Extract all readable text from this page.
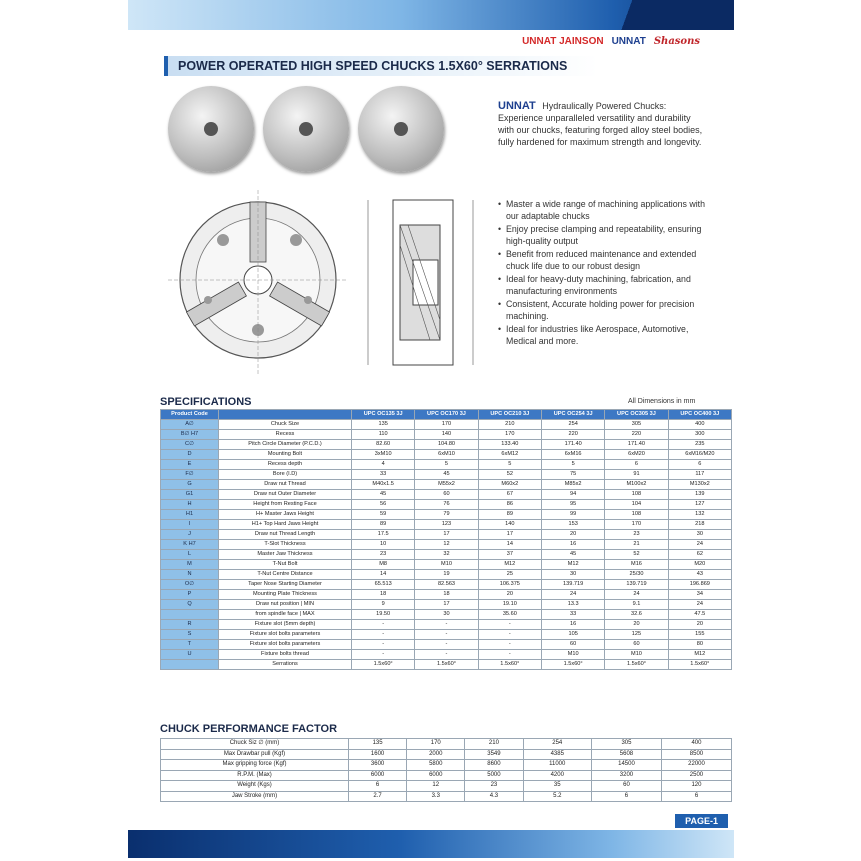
UNNAT JAINSON UNNAT Shasons
POWER OPERATED HIGH SPEED CHUCKS 1.5X60° SERRATIONS
UNNAT Hydraulically Powered Chucks: Experience unparalleled versatility and durability with our chucks, featuring forged alloy steel bodies, fully hardened for maximum strength and longevity.
• Master a wide range of machining applications with our adaptable chucks
• Enjoy precise clamping and repeatability, ensuring high-quality output
• Benefit from reduced maintenance and extended chuck life due to our robust design
• Ideal for heavy-duty machining, fabrication, and manufacturing environments
• Consistent, Accurate holding power for precision machining.
• Ideal for industries like Aerospace, Automotive, Medical and more.
SPECIFICATIONS	All Dimensions in mm
Product Code		UPC OC135 3J	UPC OC170 3J	UPC OC210 3J	UPC OC254 3J	UPC OC305 3J	UPC OC400 3J
A∅	Chuck Size	135	170	210	254	305	400
B∅ H7	Recess	110	140	170	220	220	300
C∅	Pitch Circle Diameter (P.C.D.)	82.60	104.80	133.40	171.40	171.40	235
D	Mounting Bolt	3xM10	6xM10	6xM12	6xM16	6xM20	6xM16/M20
E	Recess depth	4	5	5	5	6	6
F∅	Bore (I.D)	33	45	52	75	91	117
G	Draw nut Thread	M40x1.5	M55x2	M60x2	M85x2	M100x2	M130x2
G1	Draw nut Outer Diameter	45	60	67	94	108	139
H	Height from Resting Face	56	76	86	95	104	127
H1	H+ Master Jaws Height	59	79	89	99	108	132
I	H1+ Top Hard Jaws Height	89	123	140	153	170	218
J	Draw nut Thread Length	17.5	17	17	20	23	30
K H7	T-Slot Thickness	10	12	14	16	21	24
L	Master Jaw Thickness	23	32	37	45	52	62
M	T-Nut Bolt	M8	M10	M12	M12	M16	M20
N	T-Nut Centre Distance	14	19	25	30	25/30	43
O∅	Taper Nose Starting Diameter	65.513	82.563	106.375	139.719	139.719	196.869
P	Mounting Plate Thickness	18	18	20	24	24	34
Q	Draw nut position | MIN	9	17	19.10	13.3	9.1	24
	from spindle face | MAX	19.50	30	35.60	33	32.6	47.5
R	Fixture slot (5mm depth)	-	-	-	16	20	20
S	Fixture slot bolts parameters	-	-	-	105	125	155
T	Fixture slot bolts parameters	-	-	-	60	60	80
U	Fixture bolts thread	-	-	-	M10	M10	M12
	Serrations	1.5x60°	1.5x60°	1.5x60°	1.5x60°	1.5x60°	1.5x60°
CHUCK PERFORMANCE FACTOR
Chuck Siz ∅ (mm)	135	170	210	254	305	400
Max Drawbar pull (Kgf)	1600	2000	3549	4385	5608	8500
Max gripping force (Kgf)	3600	5800	8600	11000	14500	22000
R.P.M. (Max)	6000	6000	5000	4200	3200	2500
Weight (Kgs)	6	12	23	35	60	120
Jaw Stroke (mm)	2.7	3.3	4.3	5.2	6	6
PAGE-1
